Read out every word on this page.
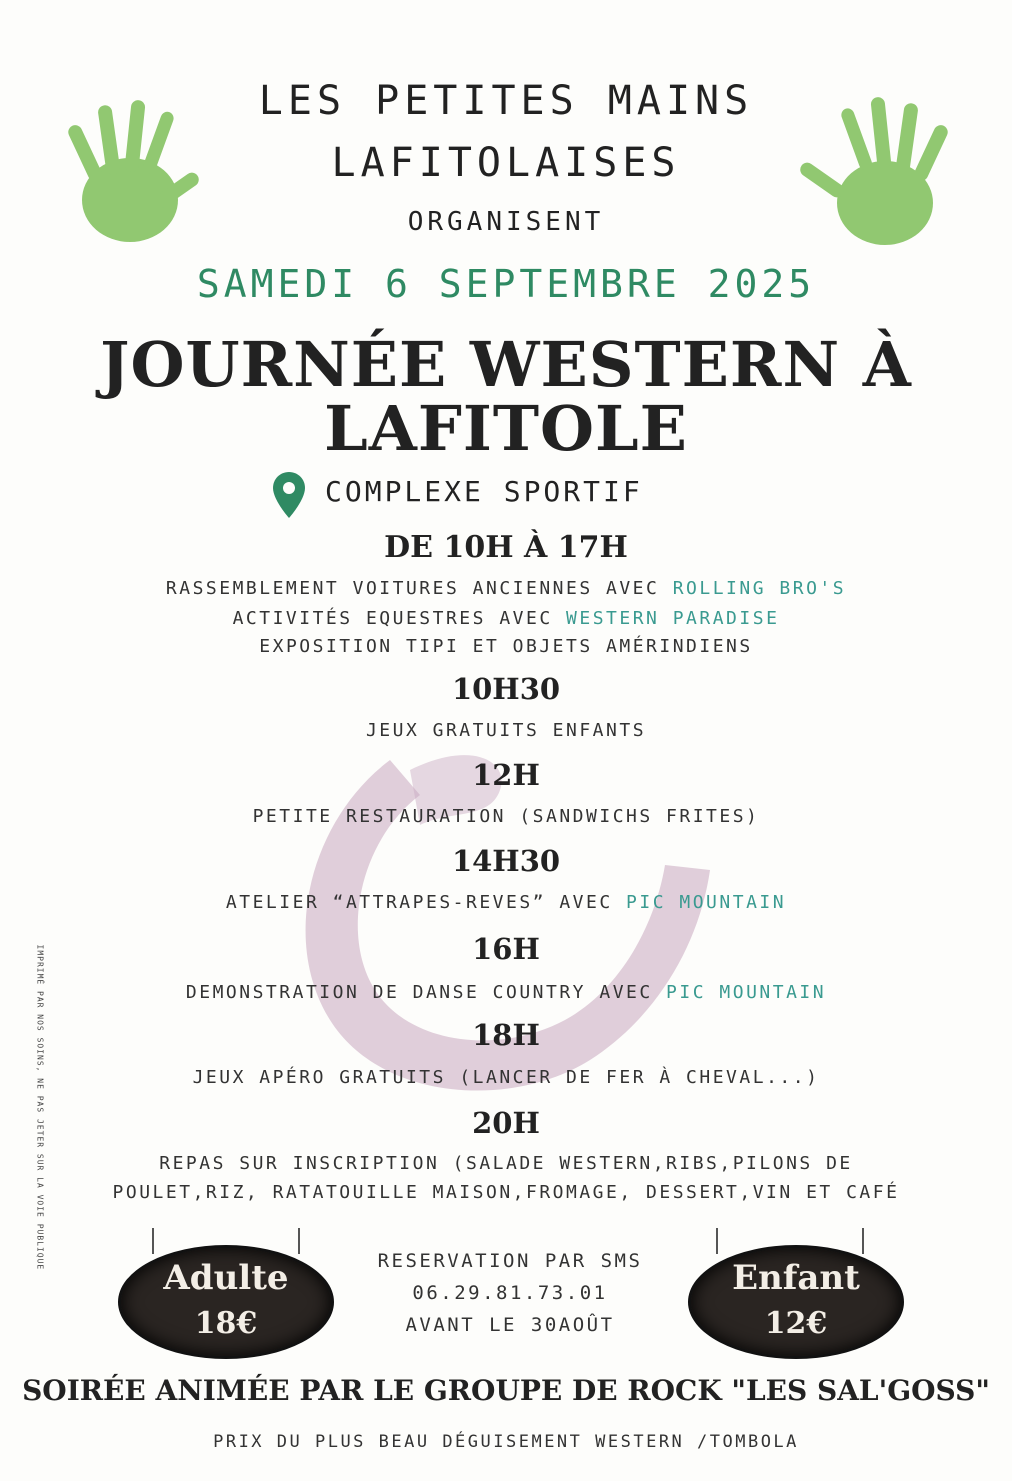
LES PETITES MAINS
LAFITOLAISES
ORGANISENT
SAMEDI 6 SEPTEMBRE 2025
JOURNÉE WESTERN À
LAFITOLE
COMPLEXE SPORTIF
DE 10H À 17H
RASSEMBLEMENT VOITURES ANCIENNES AVEC ROLLING BRO'S
ACTIVITÉS EQUESTRES AVEC WESTERN PARADISE
EXPOSITION TIPI ET OBJETS AMÉRINDIENS
10H30
JEUX GRATUITS ENFANTS
12H
PETITE RESTAURATION (SANDWICHS FRITES)
14H30
ATELIER “ATTRAPES-REVES” AVEC PIC MOUNTAIN
16H
DEMONSTRATION DE DANSE COUNTRY AVEC PIC MOUNTAIN
18H
JEUX APÉRO GRATUITS (LANCER DE FER À CHEVAL...)
20H
REPAS SUR INSCRIPTION (SALADE WESTERN,RIBS,PILONS DE
POULET,RIZ, RATATOUILLE MAISON,FROMAGE, DESSERT,VIN ET CAFÉ
Adulte
18€
Enfant
12€
RESERVATION PAR SMS
06.29.81.73.01
AVANT LE 30AOÛT
SOIRÉE ANIMÉE PAR LE GROUPE DE ROCK "LES SAL'GOSS"
PRIX DU PLUS BEAU DÉGUISEMENT WESTERN /TOMBOLA
IMPRIMÉ PAR NOS SOINS, NE PAS JETER SUR LA VOIE PUBLIQUE
